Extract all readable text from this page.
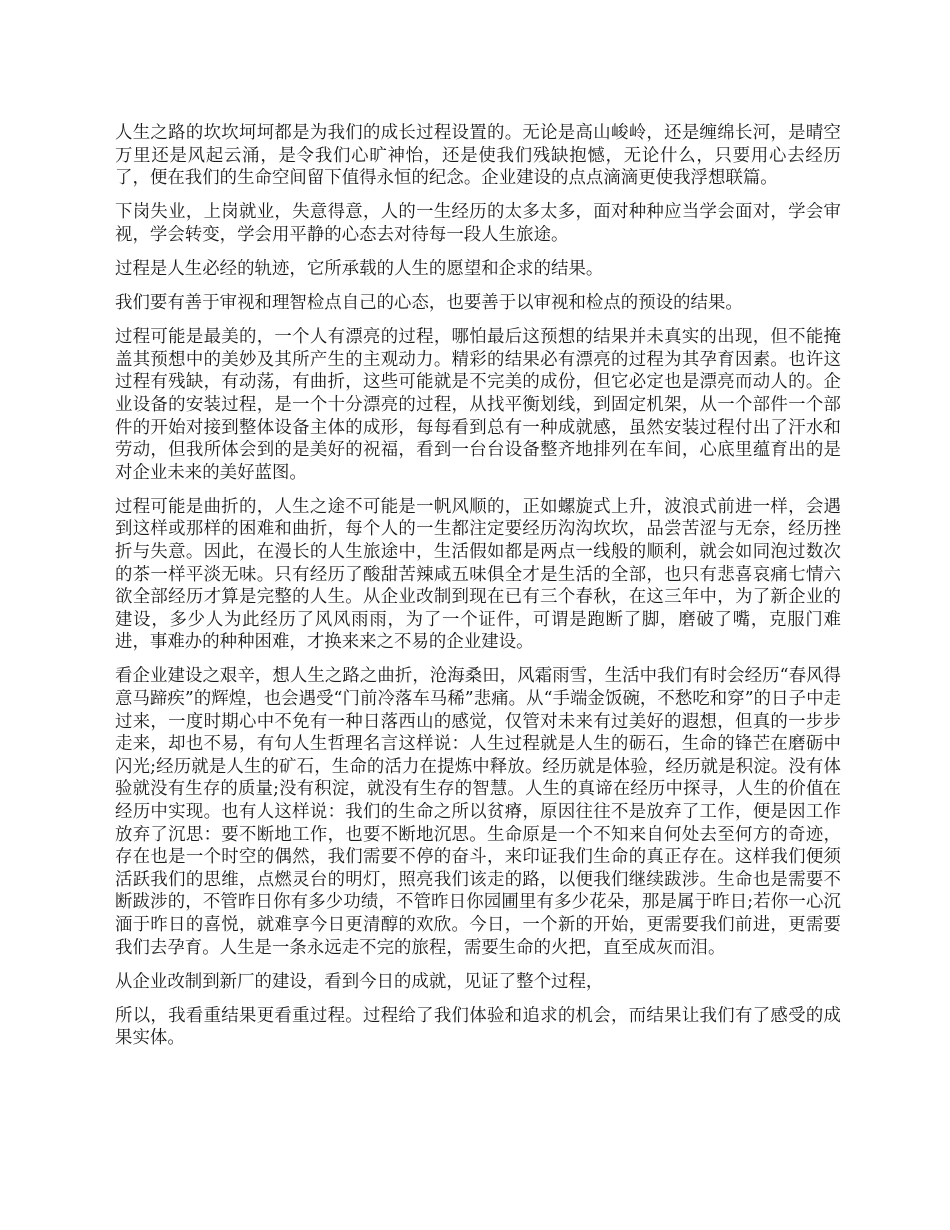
人生之路的坎坎坷坷都是为我们的成长过程设置的。无论是高山峻岭，还是缠绵长河，是晴空万里还是风起云涌，是令我们心旷神怡，还是使我们残缺抱憾，无论什么，只要用心去经历了，便在我们的生命空间留下值得永恒的纪念。企业建设的点点滴滴更使我浮想联篇。

下岗失业，上岗就业，失意得意，人的一生经历的太多太多，面对种种应当学会面对，学会审视，学会转变，学会用平静的心态去对待每一段人生旅途。

过程是人生必经的轨迹，它所承载的人生的愿望和企求的结果。

我们要有善于审视和理智检点自己的心态，也要善于以审视和检点的预设的结果。

过程可能是最美的，一个人有漂亮的过程，哪怕最后这预想的结果并未真实的出现，但不能掩盖其预想中的美妙及其所产生的主观动力。精彩的结果必有漂亮的过程为其孕育因素。也许这过程有残缺，有动荡，有曲折，这些可能就是不完美的成份，但它必定也是漂亮而动人的。企业设备的安装过程，是一个十分漂亮的过程，从找平衡划线，到固定机架，从一个部件一个部件的开始对接到整体设备主体的成形，每每看到总有一种成就感，虽然安装过程付出了汗水和劳动，但我所体会到的是美好的祝福，看到一台台设备整齐地排列在车间，心底里蕴育出的是对企业未来的美好蓝图。

过程可能是曲折的，人生之途不可能是一帆风顺的，正如螺旋式上升，波浪式前进一样，会遇到这样或那样的困难和曲折，每个人的一生都注定要经历沟沟坎坎，品尝苦涩与无奈，经历挫折与失意。因此，在漫长的人生旅途中，生活假如都是两点一线般的顺利，就会如同泡过数次的茶一样平淡无味。只有经历了酸甜苦辣咸五味俱全才是生活的全部，也只有悲喜哀痛七情六欲全部经历才算是完整的人生。从企业改制到现在已有三个春秋，在这三年中，为了新企业的建设，多少人为此经历了风风雨雨，为了一个证件，可谓是跑断了脚，磨破了嘴，克服门难进，事难办的种种困难，才换来来之不易的企业建设。

看企业建设之艰辛，想人生之路之曲折，沧海桑田，风霜雨雪，生活中我们有时会经历“春风得意马蹄疾”的辉煌，也会遇受“门前冷落车马稀”悲痛。从“手端金饭碗，不愁吃和穿”的日子中走过来，一度时期心中不免有一种日落西山的感觉，仅管对未来有过美好的遐想，但真的一步步走来，却也不易，有句人生哲理名言这样说：人生过程就是人生的砺石，生命的锋芒在磨砺中闪光;经历就是人生的矿石，生命的活力在提炼中释放。经历就是体验，经历就是积淀。没有体验就没有生存的质量;没有积淀，就没有生存的智慧。人生的真谛在经历中探寻，人生的价值在经历中实现。也有人这样说：我们的生命之所以贫瘠，原因往往不是放弃了工作，便是因工作放弃了沉思：要不断地工作，也要不断地沉思。生命原是一个不知来自何处去至何方的奇迹，存在也是一个时空的偶然，我们需要不停的奋斗，来印证我们生命的真正存在。这样我们便须活跃我们的思维，点燃灵台的明灯，照亮我们该走的路，以便我们继续跋涉。生命也是需要不断跋涉的，不管昨日你有多少功绩，不管昨日你园圃里有多少花朵，那是属于昨日;若你一心沉湎于昨日的喜悦，就难享今日更清醇的欢欣。今日，一个新的开始，更需要我们前进，更需要我们去孕育。人生是一条永远走不完的旅程，需要生命的火把，直至成灰而泪。

从企业改制到新厂的建设，看到今日的成就，见证了整个过程，

所以，我看重结果更看重过程。过程给了我们体验和追求的机会，而结果让我们有了感受的成果实体。
